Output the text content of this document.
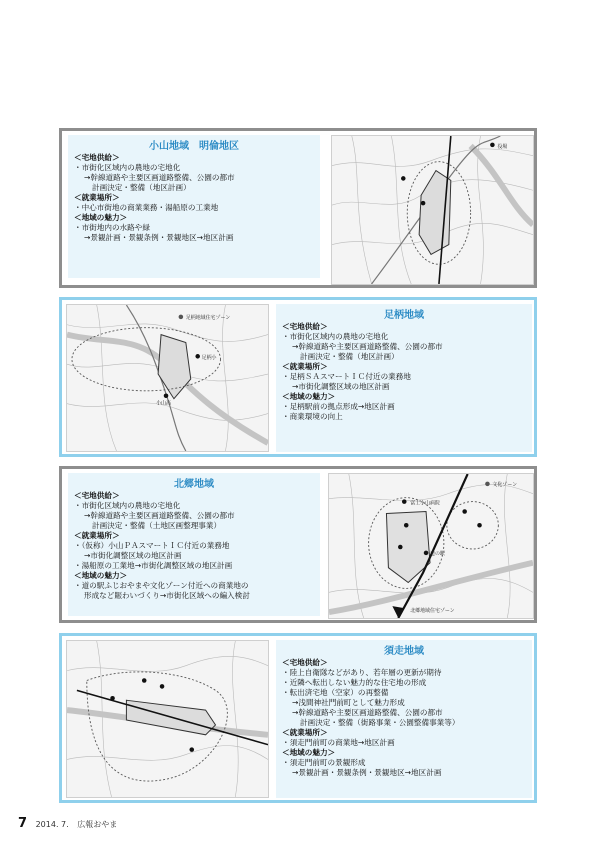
小山地域　明倫地区
＜宅地供給＞
・市街化区域内の農地の宅地化
→幹線道路や主要区画道路整備、公園の都市
計画決定・整備（地区計画）
＜就業場所＞
・中心市街地の商業業務・湯船原の工業地
＜地域の魅力＞
・市街地内の水路や緑
→景観計画・景観条例・景観地区→地区計画
役場
足柄地域住宅ゾーン
足柄小
小山高
足柄地域
＜宅地供給＞
・市街化区域内の農地の宅地化
→幹線道路や主要区画道路整備、公園の都市
計画決定・整備（地区計画）
＜就業場所＞
・足柄ＳＡスマートＩＣ付近の業務地
→市街化調整区域の地区計画
＜地域の魅力＞
・足柄駅前の拠点形成→地区計画
・商業環境の向上
北郷地域
＜宅地供給＞
・市街化区域内の農地の宅地化
→幹線道路や主要区画道路整備、公園の都市
計画決定・整備（土地区画整理事業）
＜就業場所＞
・（仮称）小山ＰＡスマートＩＣ付近の業務地
→市街化調整区域の地区計画
・湯船原の工業地→市街化調整区域の地区計画
＜地域の魅力＞
・道の駅ふじおやまや文化ゾーン付近への商業地の
形成など賑わいづくり→市街化区域への編入検討
文化ゾーン
富士小山病院
道の駅
北郷地域住宅ゾーン
須走地域
＜宅地供給＞
・陸上自衛隊などがあり、若年層の更新が期待
・近隣へ転出しない魅力的な住宅地の形成
・転出済宅地（空家）の再整備
→浅間神社門前町として魅力形成
→幹線道路や主要区画道路整備、公園の都市
計画決定・整備（街路事業・公園整備事業等）
＜就業場所＞
・須走門前町の商業地→地区計画
＜地域の魅力＞
・須走門前町の景観形成
→景観計画・景観条例・景観地区→地区計画
7 2014. 7. 広報おやま
